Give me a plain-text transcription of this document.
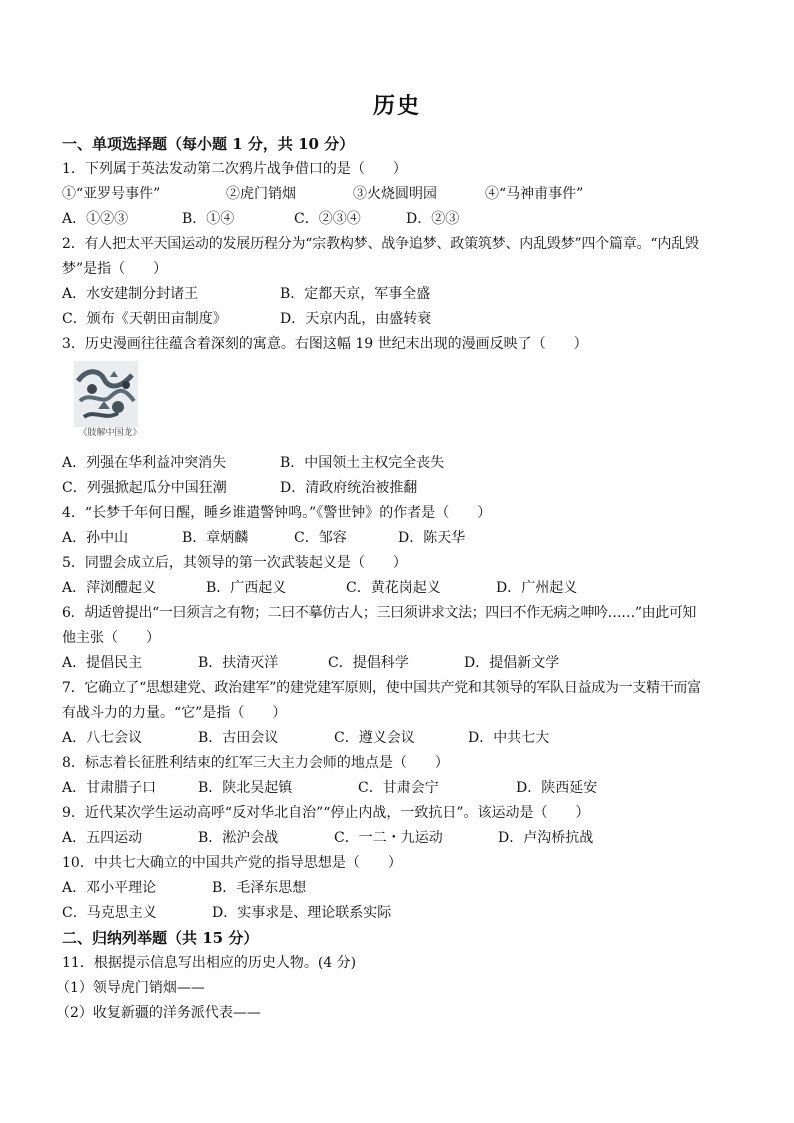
历史
一、单项选择题（每小题 1 分，共 10 分）
1．下列属于英法发动第二次鸦片战争借口的是（　　）
①“亚罗号事件”	②虎门销烟	③火烧圆明园	④“马神甫事件”
A．①②③	B．①④	C．②③④	D．②③
2．有人把太平天国运动的发展历程分为“宗教构梦、战争追梦、政策筑梦、内乱毁梦”四个篇章。“内乱毁
梦”是指（　　）
A．水安建制分封诸王	B．定都天京，军事全盛
C．颁布《天朝田亩制度》	D．天京内乱，由盛转衰
3．历史漫画往往蕴含着深刻的寓意。右图这幅 19 世纪末出现的漫画反映了（　　）
《肢解中国龙》
A．列强在华利益冲突消失	B．中国领土主权完全丧失
C．列强掀起瓜分中国狂潮	D．清政府统治被推翻
4．“长梦千年何日醒，睡乡谁遣警钟鸣。”《警世钟》的作者是（　　）
A．孙中山	B．章炳麟	C．邹容	D．陈天华
5．同盟会成立后，其领导的第一次武装起义是（　　）
A．萍浏醴起义	B．广西起义	C．黄花岗起义	D．广州起义
6．胡适曾提出“一曰须言之有物；二曰不摹仿古人；三曰须讲求文法；四曰不作无病之呻吟……”由此可知
他主张（　　）
A．提倡民主	B．扶清灭洋	C．提倡科学	D．提倡新文学
7．它确立了“思想建党、政治建军”的建党建军原则，使中国共产党和其领导的军队日益成为一支精干而富
有战斗力的力量。“它”是指（　　）
A．八七会议	B．古田会议	C．遵义会议	D．中共七大
8．标志着长征胜利结束的红军三大主力会师的地点是（　　）
A．甘肃腊子口	B．陕北吴起镇	C．甘肃会宁	D．陕西延安
9．近代某次学生运动高呼“反对华北自治”“停止内战，一致抗日”。该运动是（　　）
A．五四运动	B．淞沪会战	C．一二・九运动	D．卢沟桥抗战
10．中共七大确立的中国共产党的指导思想是（　　）
A．邓小平理论	B．毛泽东思想
C．马克思主义	D．实事求是、理论联系实际
二、归纳列举题（共 15 分）
11．根据提示信息写出相应的历史人物。(4 分)
（1）领导虎门销烟——
（2）收复新疆的洋务派代表——
